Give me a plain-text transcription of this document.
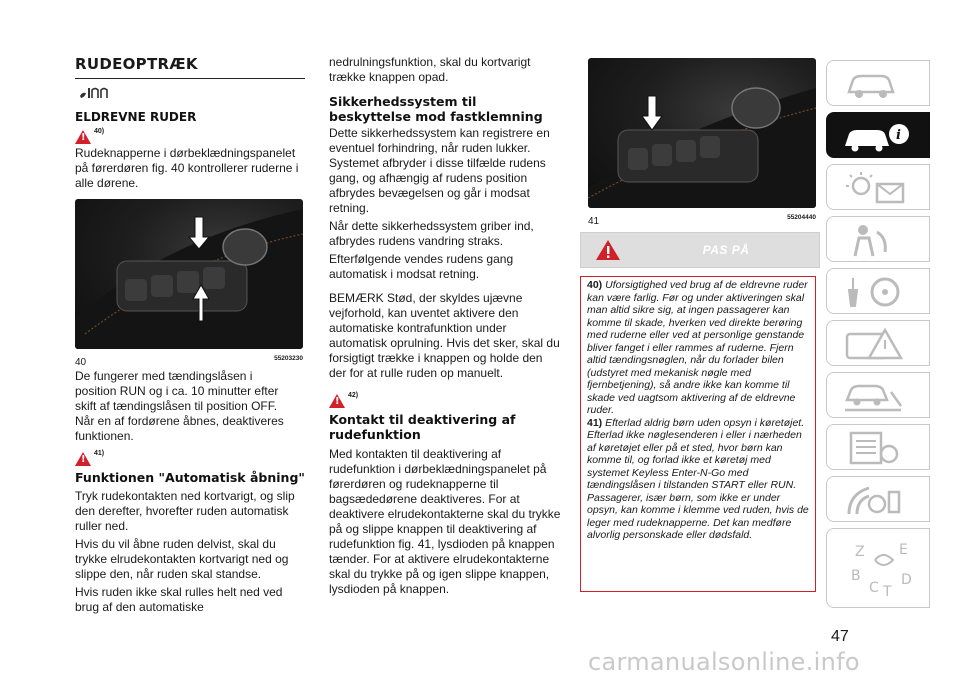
RUDEOPTRÆK
ELDREVNE RUDER
!$^{40)}$

Rudeknapperne i dørbeklædningspanelet på førerdøren fig. 40 kontrollerer ruderne i alle dørene.

40	55203230

De fungerer med tændingslåsen i position RUN og i ca. 10 minutter efter skift af tændingslåsen til position OFF. Når en af fordørene åbnes, deaktiveres funktionen.

!$^{41)}$
Funktionen "Automatisk åbning"

Tryk rudekontakten ned kortvarigt, og slip den derefter, hvorefter ruden automatisk ruller ned.

Hvis du vil åbne ruden delvist, skal du trykke elrudekontakten kortvarigt ned og slippe den, når ruden skal standse.

Hvis ruden ikke skal rulles helt ned ved brug af den automatiske

nedrulningsfunktion, skal du kortvarigt trække knappen opad.

Sikkerhedssystem til beskyttelse mod fastklemning

Dette sikkerhedssystem kan registrere en eventuel forhindring, når ruden lukker. Systemet afbryder i disse tilfælde rudens gang, og afhængig af rudens position afbrydes bevægelsen og går i modsat retning.

Når dette sikkerhedssystem griber ind, afbrydes rudens vandring straks.

Efterfølgende vendes rudens gang automatisk i modsat retning.

BEMÆRK Stød, der skyldes ujævne vejforhold, kan uventet aktivere den automatiske kontrafunktion under automatisk oprulning. Hvis det sker, skal du forsigtigt trække i knappen og holde den der for at rulle ruden op manuelt.

!$^{42)}$
Kontakt til deaktivering af rudefunktion

Med kontakten til deaktivering af rudefunktion i dørbeklædningspanelet på førerdøren og rudeknapperne til bagsædedørene deaktiveres. For at deaktivere elrudekontakterne skal du trykke på og slippe knappen til deaktivering af rudefunktion fig. 41, lysdioden på knappen tænder. For at aktivere elrudekontakterne skal du trykke på og igen slippe knappen, lysdioden på knappen.

41	55204440
PAS PÅ

40) Uforsigtighed ved brug af de eldrevne ruder kan være farlig. Før og under aktiveringen skal man altid sikre sig, at ingen passagerer kan komme til skade, hverken ved direkte berøring med ruderne eller ved at personlige genstande bliver fanget i eller rammes af ruderne. Fjern altid tændingsnøglen, når du forlader bilen (udstyret med mekanisk nøgle med fjernbetjening), så andre ikke kan komme til skade ved uagtsom aktivering af de eldrevne ruder.

41) Efterlad aldrig børn uden opsyn i køretøjet. Efterlad ikke nøglesenderen i eller i nærheden af køretøjet eller på et sted, hvor børn kan komme til, og forlad ikke et køretøj med systemet Keyless Enter-N-Go med tændingslåsen i tilstanden START eller RUN. Passagerer, især børn, som ikke er under opsyn, kan komme i klemme ved ruden, hvis de leger med rudeknapperne. Det kan medføre alvorlig personskade eller dødsfald.

i
Z E
B
C T
D
47
carmanualsonline.info
